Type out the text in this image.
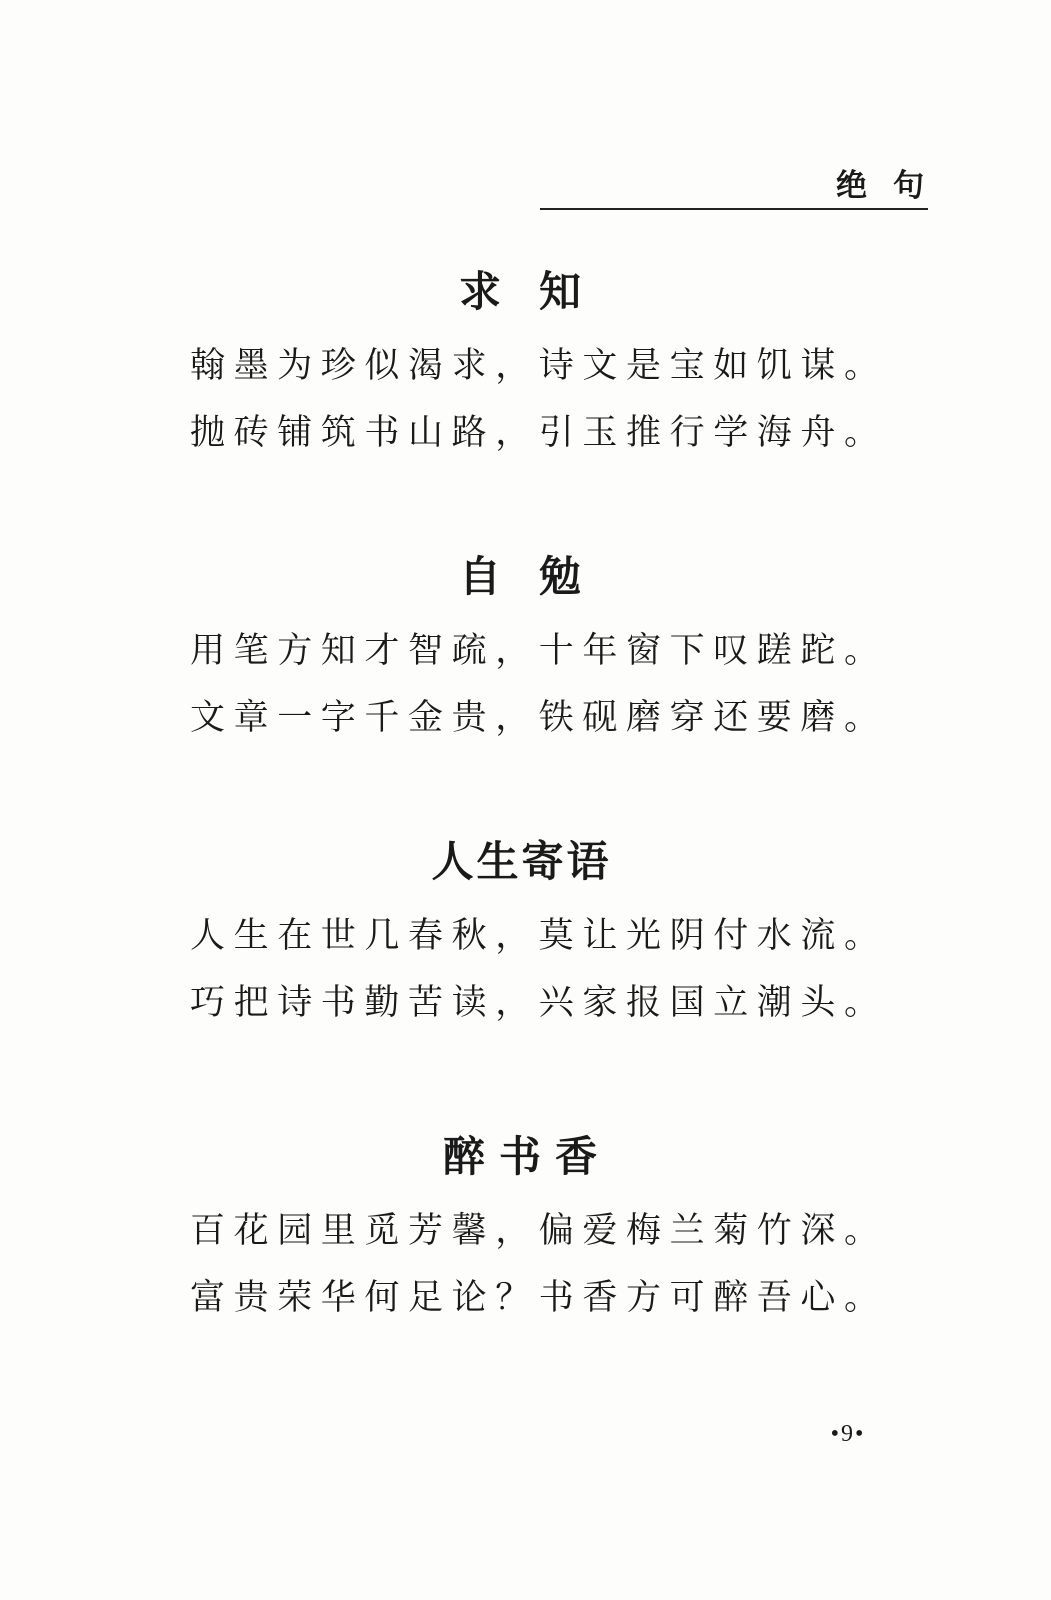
绝句
求知

翰墨为珍似渴求，诗文是宝如饥谋。

抛砖铺筑书山路，引玉推行学海舟。

自勉

用笔方知才智疏，十年窗下叹蹉跎。

文章一字千金贵，铁砚磨穿还要磨。

人生寄语

人生在世几春秋，莫让光阴付水流。

巧把诗书勤苦读，兴家报国立潮头。

醉书香

百花园里觅芳馨，偏爱梅兰菊竹深。

富贵荣华何足论？书香方可醉吾心。

•9•
